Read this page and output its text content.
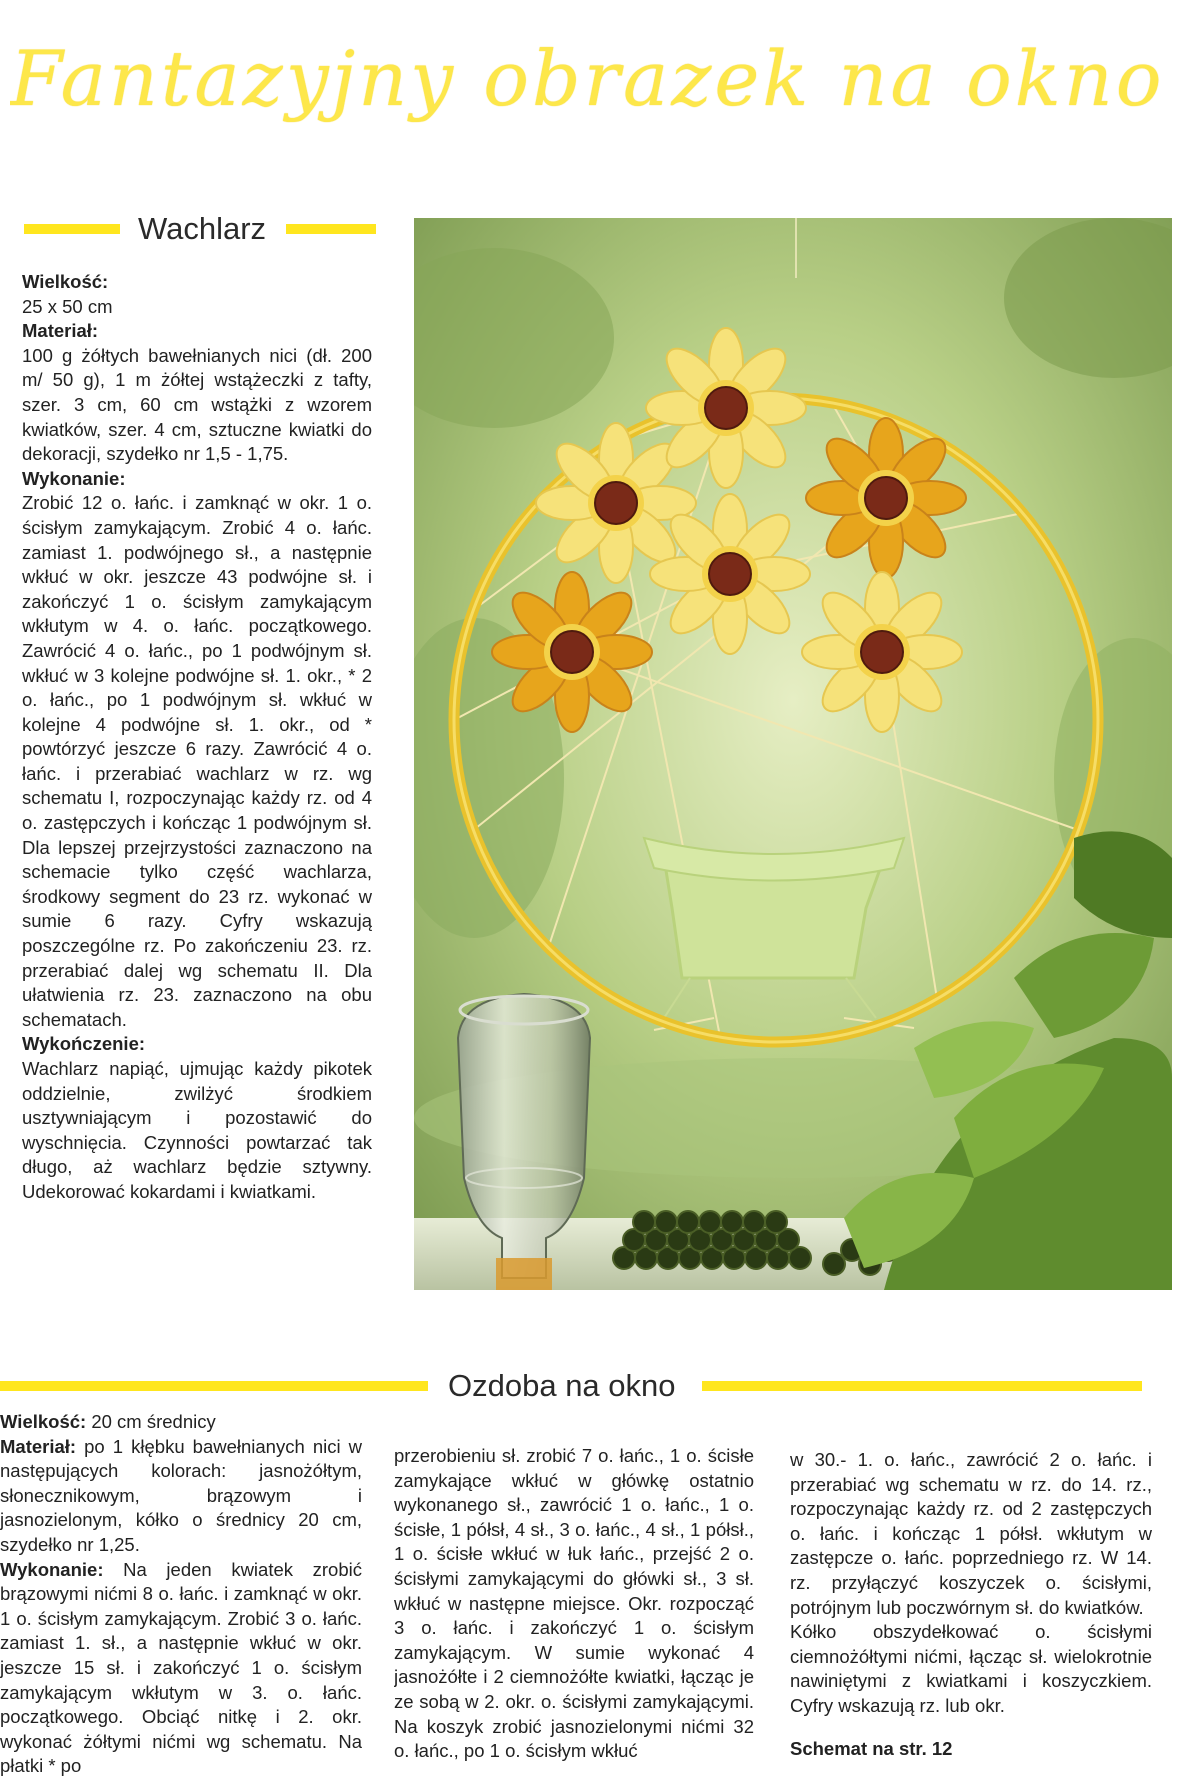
Fantazyjny obrazek na okno
Wachlarz

Wielkość:

25 x 50 cm

Materiał:

100 g żółtych bawełnianych nici (dł. 200 m/ 50 g), 1 m żółtej wstążeczki z tafty, szer. 3 cm, 60 cm wstążki z wzorem kwiatków, szer. 4 cm, sztuczne kwiatki do dekoracji, szydełko nr 1,5 - 1,75.

Wykonanie:

Zrobić 12 o. łańc. i zamknąć w okr. 1 o. ścisłym zamykającym. Zrobić 4 o. łańc. zamiast 1. podwójnego sł., a następnie wkłuć w okr. jeszcze 43 podwójne sł. i zakończyć 1 o. ścisłym zamykającym wkłutym w 4. o. łańc. początkowego. Zawrócić 4 o. łańc., po 1 podwójnym sł. wkłuć w 3 kolejne podwójne sł. 1. okr., * 2 o. łańc., po 1 podwójnym sł. wkłuć w kolejne 4 podwójne sł. 1. okr., od * powtórzyć jeszcze 6 razy. Zawrócić 4 o. łańc. i przerabiać wachlarz w rz. wg schematu I, rozpoczynając każdy rz. od 4 o. zastępczych i kończąc 1 podwójnym sł. Dla lepszej przejrzystości zaznaczono na schemacie tylko część wachlarza, środkowy segment do 23 rz. wykonać w sumie 6 razy. Cyfry wskazują poszczególne rz. Po zakończeniu 23. rz. przerabiać dalej wg schematu II. Dla ułatwienia rz. 23. zaznaczono na obu schematach.

Wykończenie:

Wachlarz napiąć, ujmując każdy pikotek oddzielnie, zwilżyć środkiem usztywniającym i pozostawić do wyschnięcia. Czynności powtarzać tak długo, aż wachlarz będzie sztywny. Udekorować kokardami i kwiatkami.

Ozdoba na okno

Wielkość: 20 cm średnicy

Materiał: po 1 kłębku bawełnianych nici w następujących kolorach: jasnożółtym, słonecznikowym, brązowym i jasnozielonym, kółko o średnicy 20 cm, szydełko nr 1,25.

Wykonanie: Na jeden kwiatek zrobić brązowymi nićmi 8 o. łańc. i zamknąć w okr. 1 o. ścisłym zamykającym. Zrobić 3 o. łańc. zamiast 1. sł., a następnie wkłuć w okr. jeszcze 15 sł. i zakończyć 1 o. ścisłym zamykającym wkłutym w 3. o. łańc. początkowego. Obciąć nitkę i 2. okr. wykonać żółtymi nićmi wg schematu. Na płatki * po

przerobieniu sł. zrobić 7 o. łańc., 1 o. ścisłe zamykające wkłuć w główkę ostatnio wykonanego sł., zawrócić 1 o. łańc., 1 o. ścisłe, 1 półsł, 4 sł., 3 o. łańc., 4 sł., 1 półsł., 1 o. ścisłe wkłuć w łuk łańc., przejść 2 o. ścisłymi zamykającymi do główki sł., 3 sł. wkłuć w następne miejsce. Okr. rozpocząć 3 o. łańc. i zakończyć 1 o. ścisłym zamykającym. W sumie wykonać 4 jasnożółte i 2 ciemnożółte kwiatki, łącząc je ze sobą w 2. okr. o. ścisłymi zamykającymi. Na koszyk zrobić jasnozielonymi nićmi 32 o. łańc., po 1 o. ścisłym wkłuć

w 30.- 1. o. łańc., zawrócić 2 o. łańc. i przerabiać wg schematu w rz. do 14. rz., rozpoczynając każdy rz. od 2 zastępczych o. łańc. i kończąc 1 półsł. wkłutym w zastępcze o. łańc. poprzedniego rz. W 14. rz. przyłączyć koszyczek o. ścisłymi, potrójnym lub poczwórnym sł. do kwiatków.

Kółko obszydełkować o. ścisłymi ciemnożółtymi nićmi, łącząc sł. wielokrotnie nawiniętymi z kwiatkami i koszyczkiem. Cyfry wskazują rz. lub okr.

Schemat na str. 12
